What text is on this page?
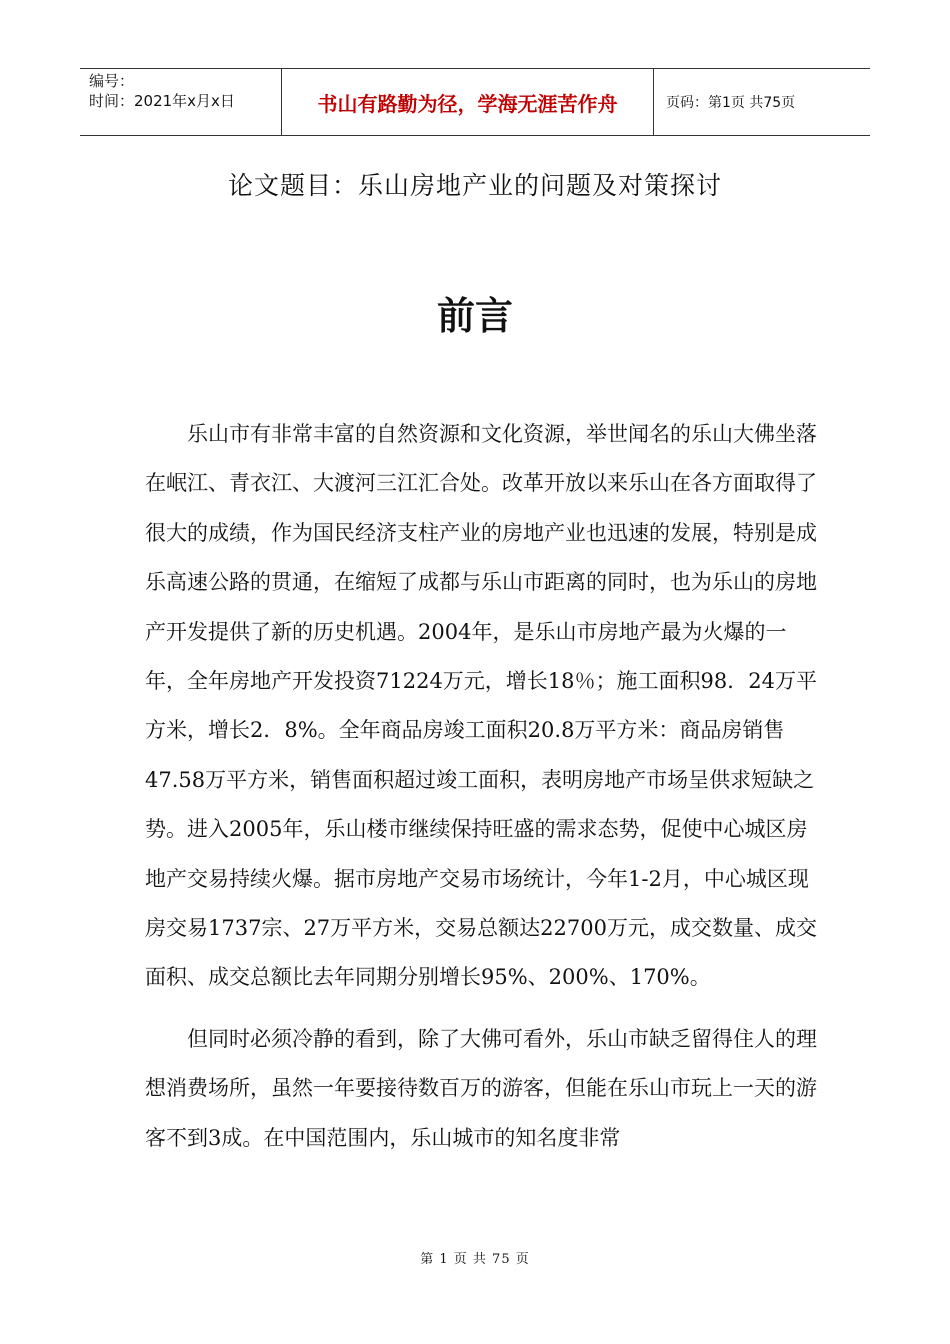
编号：
时间：2021年x月x日	书山有路勤为径，学海无涯苦作舟	页码：第1页 共75页
论文题目：乐山房地产业的问题及对策探讨
前言

乐山市有非常丰富的自然资源和文化资源，举世闻名的乐山大佛坐落在岷江、青衣江、大渡河三江汇合处。改革开放以来乐山在各方面取得了很大的成绩，作为国民经济支柱产业的房地产业也迅速的发展，特别是成乐高速公路的贯通，在缩短了成都与乐山市距离的同时，也为乐山的房地产开发提供了新的历史机遇。2004年，是乐山市房地产最为火爆的一年，全年房地产开发投资71224万元，增长18％；施工面积98．24万平方米，增长2．8%。全年商品房竣工面积20.8万平方米：商品房销售47.58万平方米，销售面积超过竣工面积，表明房地产市场呈供求短缺之势。进入2005年，乐山楼市继续保持旺盛的需求态势，促使中心城区房地产交易持续火爆。据市房地产交易市场统计，今年1-2月，中心城区现房交易1737宗、27万平方米，交易总额达22700万元，成交数量、成交面积、成交总额比去年同期分别增长95%、200%、170%。

但同时必须冷静的看到，除了大佛可看外，乐山市缺乏留得住人的理想消费场所，虽然一年要接待数百万的游客，但能在乐山市玩上一天的游客不到3成。在中国范围内，乐山城市的知名度非常

第 1 页 共 75 页
